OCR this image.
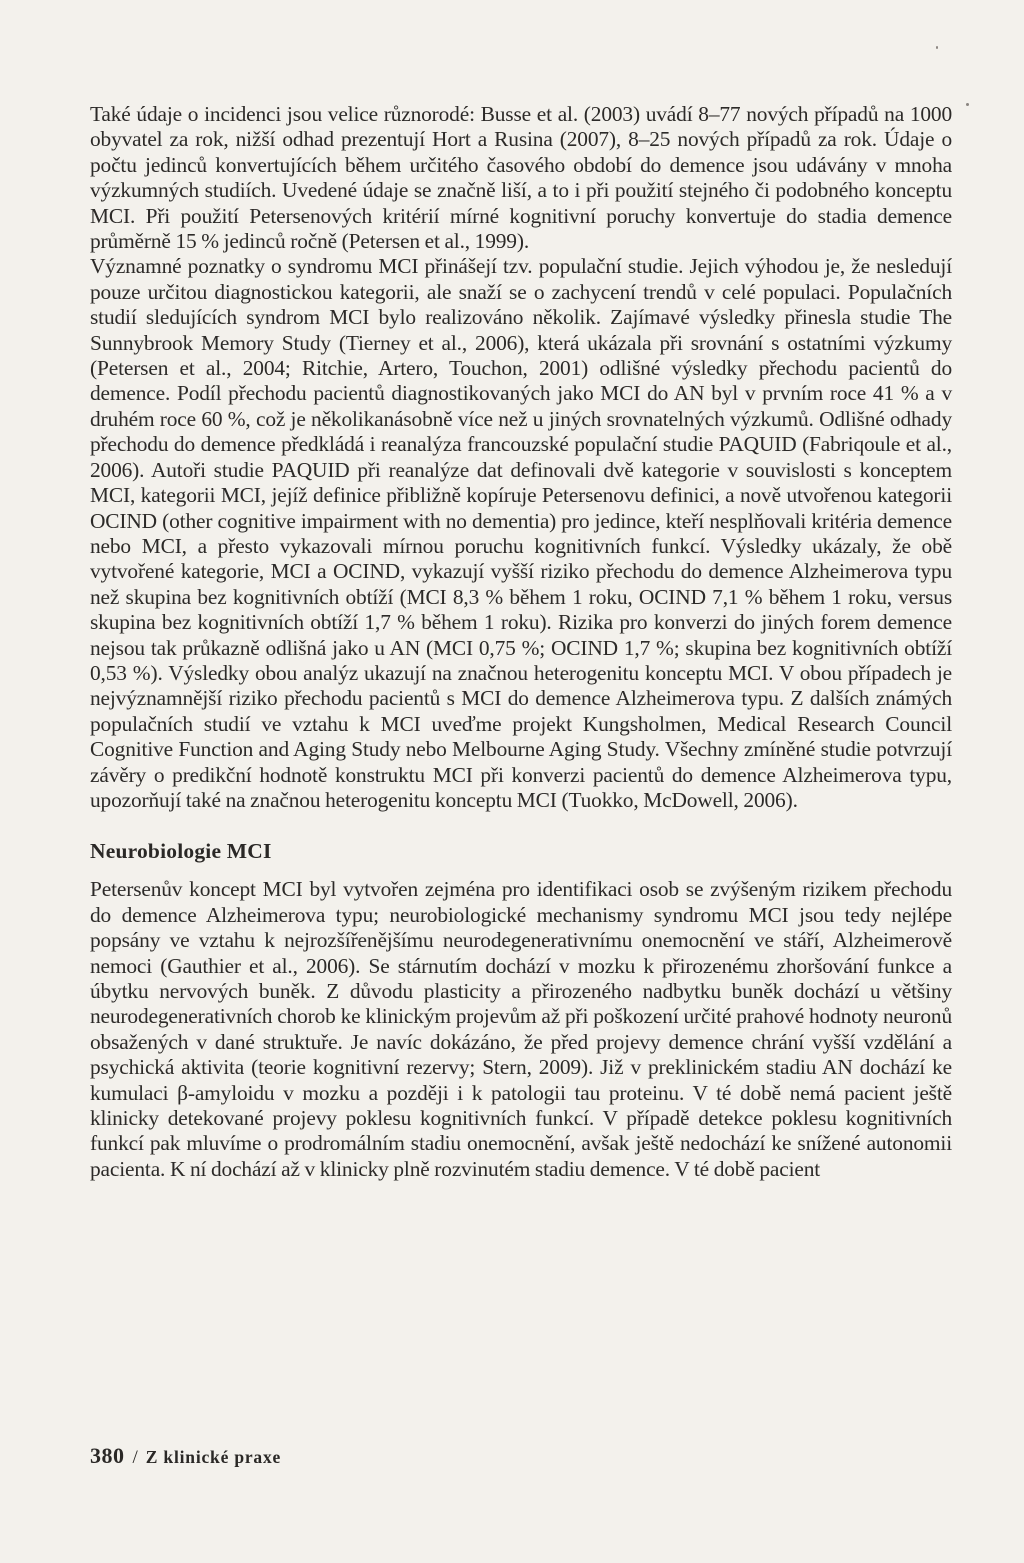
Také údaje o incidenci jsou velice různorodé: Busse et al. (2003) uvádí 8–77 nových případů na 1000 obyvatel za rok, nižší odhad prezentují Hort a Rusina (2007), 8–25 nových případů za rok. Údaje o počtu jedinců konvertujících během určitého časového období do demence jsou udávány v mnoha výzkumných studiích. Uvedené údaje se značně liší, a to i při použití stejného či podobného konceptu MCI. Při použití Petersenových kritérií mírné kognitivní poruchy konvertuje do stadia demence průměrně 15 % jedinců ročně (Petersen et al., 1999).

Významné poznatky o syndromu MCI přinášejí tzv. populační studie. Jejich výhodou je, že nesledují pouze určitou diagnostickou kategorii, ale snaží se o zachycení trendů v celé populaci. Populačních studií sledujících syndrom MCI bylo realizováno několik. Zajímavé výsledky přinesla studie The Sunnybrook Memory Study (Tierney et al., 2006), která ukázala při srovnání s ostatními výzkumy (Petersen et al., 2004; Ritchie, Artero, Touchon, 2001) odlišné výsledky přechodu pacientů do demence. Podíl přechodu pacientů diagnostikovaných jako MCI do AN byl v prvním roce 41 % a v druhém roce 60 %, což je několikanásobně více než u jiných srovnatelných výzkumů. Odlišné odhady přechodu do demence předkládá i reanalýza francouzské populační studie PAQUID (Fabriqoule et al., 2006). Autoři studie PAQUID při reanalýze dat definovali dvě kategorie v souvislosti s konceptem MCI, kategorii MCI, jejíž definice přibližně kopíruje Petersenovu definici, a nově utvořenou kategorii OCIND (other cognitive impairment with no dementia) pro jedince, kteří nesplňovali kritéria demence nebo MCI, a přesto vykazovali mírnou poruchu kognitivních funkcí. Výsledky ukázaly, že obě vytvořené kategorie, MCI a OCIND, vykazují vyšší riziko přechodu do demence Alzheimerova typu než skupina bez kognitivních obtíží (MCI 8,3 % během 1 roku, OCIND 7,1 % během 1 roku, versus skupina bez kognitivních obtíží 1,7 % během 1 roku). Rizika pro konverzi do jiných forem demence nejsou tak průkazně odlišná jako u AN (MCI 0,75 %; OCIND 1,7 %; skupina bez kognitivních obtíží 0,53 %). Výsledky obou analýz ukazují na značnou heterogenitu konceptu MCI. V obou případech je nejvýznamnější riziko přechodu pacientů s MCI do demence Alzheimerova typu. Z dalších známých populačních studií ve vztahu k MCI uveďme projekt Kungsholmen, Medical Research Council Cognitive Function and Aging Study nebo Melbourne Aging Study. Všechny zmíněné studie potvrzují závěry o predikční hodnotě konstruktu MCI při konverzi pacientů do demence Alzheimerova typu, upozorňují také na značnou heterogenitu konceptu MCI (Tuokko, McDowell, 2006).

Neurobiologie MCI

Petersenův koncept MCI byl vytvořen zejména pro identifikaci osob se zvýšeným rizikem přechodu do demence Alzheimerova typu; neurobiologické mechanismy syndromu MCI jsou tedy nejlépe popsány ve vztahu k nejrozšířenějšímu neurodegenerativnímu onemocnění ve stáří, Alzheimerově nemoci (Gauthier et al., 2006). Se stárnutím dochází v mozku k přirozenému zhoršování funkce a úbytku nervových buněk. Z důvodu plasticity a přirozeného nadbytku buněk dochází u většiny neurodegenerativních chorob ke klinickým projevům až při poškození určité prahové hodnoty neuronů obsažených v dané struktuře. Je navíc dokázáno, že před projevy demence chrání vyšší vzdělání a psychická aktivita (teorie kognitivní rezervy; Stern, 2009). Již v preklinickém stadiu AN dochází ke kumulaci β-amyloidu v mozku a později i k patologii tau proteinu. V té době nemá pacient ještě klinicky detekované projevy poklesu kognitivních funkcí. V případě detekce poklesu kognitivních funkcí pak mluvíme o prodromálním stadiu onemocnění, avšak ještě nedochází ke snížené autonomii pacienta. K ní dochází až v klinicky plně rozvinutém stadiu demence. V té době pacient

380 / Z klinické praxe
